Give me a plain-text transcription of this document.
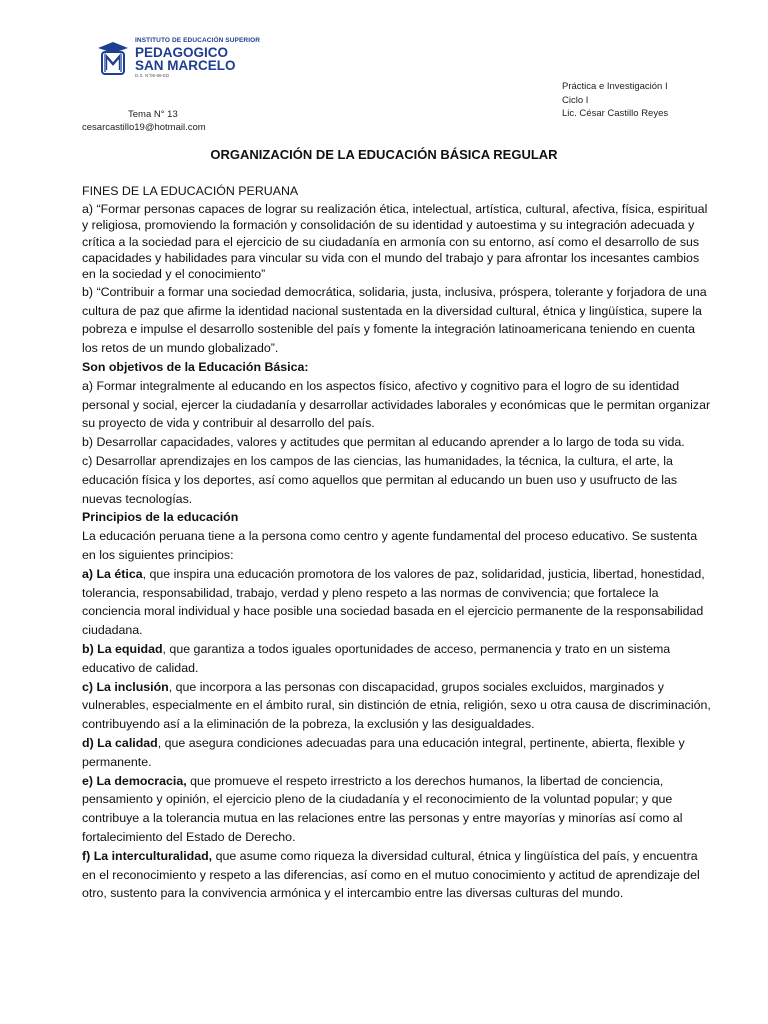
INSTITUTO DE EDUCACIÓN SUPERIOR
PEDAGOGICO
SAN MARCELO
D.S. N°05-86-ED
Práctica e Investigación I
Ciclo I
Lic. César Castillo Reyes
Tema N° 13
cesarcastillo19@hotmail.com
ORGANIZACIÓN DE LA EDUCACIÓN BÁSICA REGULAR

FINES DE LA EDUCACIÓN PERUANA

a) “Formar personas capaces de lograr su realización ética, intelectual, artística, cultural, afectiva, física, espiritual y religiosa, promoviendo la formación y consolidación de su identidad y autoestima y su integración adecuada y crítica a la sociedad para el ejercicio de su ciudadanía en armonía con su entorno, así como el desarrollo de sus capacidades y habilidades para vincular su vida con el mundo del trabajo y para afrontar los incesantes cambios en la sociedad y el conocimiento”

b) “Contribuir a formar una sociedad democrática, solidaria, justa, inclusiva, próspera, tolerante y forjadora de una cultura de paz que afirme la identidad nacional sustentada en la diversidad cultural, étnica y lingüística, supere la pobreza e impulse el desarrollo sostenible del país y fomente la integración latinoamericana teniendo en cuenta los retos de un mundo globalizado”.

Son objetivos de la Educación Básica:

a) Formar integralmente al educando en los aspectos físico, afectivo y cognitivo para el logro de su identidad personal y social, ejercer la ciudadanía y desarrollar actividades laborales y económicas que le permitan organizar su proyecto de vida y contribuir al desarrollo del país.

b) Desarrollar capacidades, valores y actitudes que permitan al educando aprender a lo largo de toda su vida.

c) Desarrollar aprendizajes en los campos de las ciencias, las humanidades, la técnica, la cultura, el arte, la educación física y los deportes, así como aquellos que permitan al educando un buen uso y usufructo de las nuevas tecnologías.

Principios de la educación

La educación peruana tiene a la persona como centro y agente fundamental del proceso educativo. Se sustenta en los siguientes principios:

a) La ética, que inspira una educación promotora de los valores de paz, solidaridad, justicia, libertad, honestidad, tolerancia, responsabilidad, trabajo, verdad y pleno respeto a las normas de convivencia; que fortalece la conciencia moral individual y hace posible una sociedad basada en el ejercicio permanente de la responsabilidad ciudadana.

b) La equidad, que garantiza a todos iguales oportunidades de acceso, permanencia y trato en un sistema educativo de calidad.

c) La inclusión, que incorpora a las personas con discapacidad, grupos sociales excluidos, marginados y vulnerables, especialmente en el ámbito rural, sin distinción de etnia, religión, sexo u otra causa de discriminación, contribuyendo así a la eliminación de la pobreza, la exclusión y las desigualdades.

d) La calidad, que asegura condiciones adecuadas para una educación integral, pertinente, abierta, flexible y permanente.

e) La democracia, que promueve el respeto irrestricto a los derechos humanos, la libertad de conciencia, pensamiento y opinión, el ejercicio pleno de la ciudadanía y el reconocimiento de la voluntad popular; y que contribuye a la tolerancia mutua en las relaciones entre las personas y entre mayorías y minorías así como al fortalecimiento del Estado de Derecho.

f) La interculturalidad, que asume como riqueza la diversidad cultural, étnica y lingüística del país, y encuentra en el reconocimiento y respeto a las diferencias, así como en el mutuo conocimiento y actitud de aprendizaje del otro, sustento para la convivencia armónica y el intercambio entre las diversas culturas del mundo.
